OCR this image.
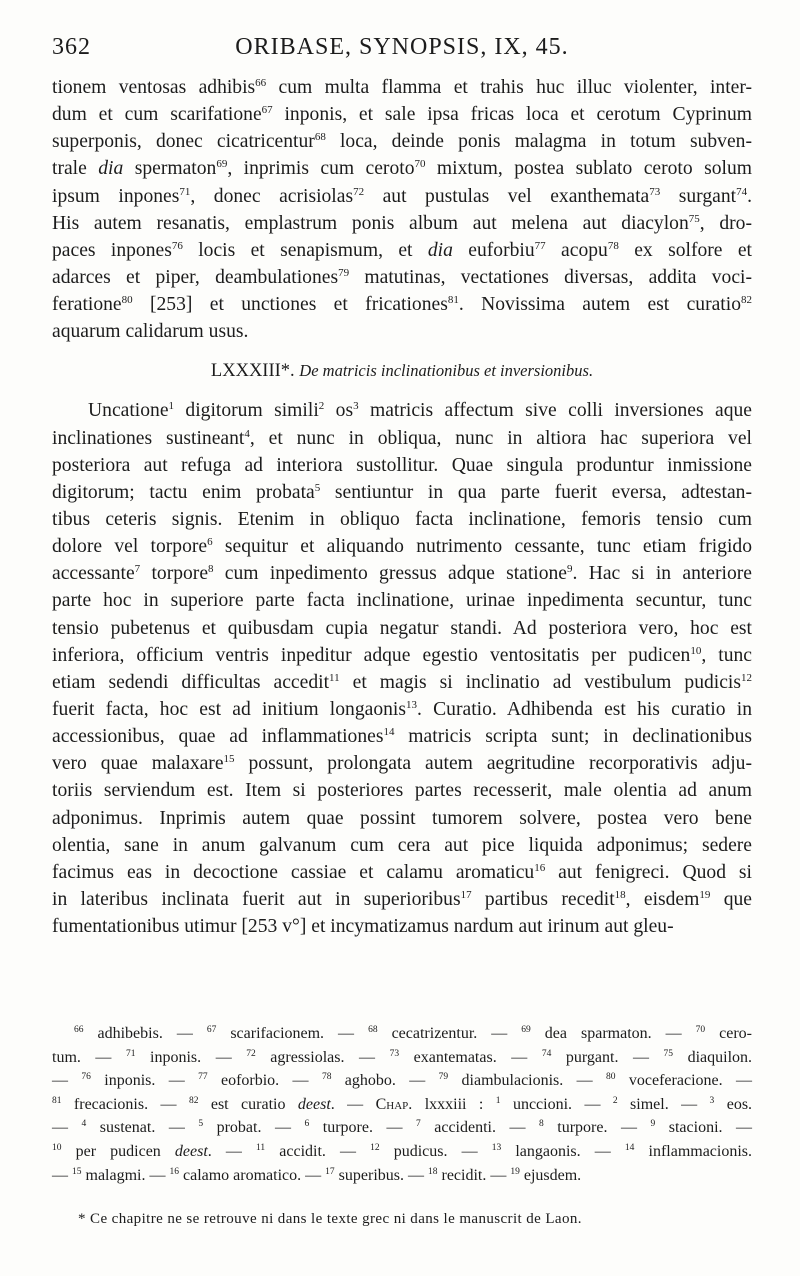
362	ORIBASE, SYNOPSIS, IX, 45.
tionem ventosas adhibis$^{66}$ cum multa flamma et trahis huc illuc violenter, inter-
dum et cum scarifatione$^{67}$ inponis, et sale ipsa fricas loca et cerotum Cyprinum
superponis, donec cicatricentur$^{68}$ loca, deinde ponis malagma in totum subven-
trale dia spermaton$^{69}$, inprimis cum ceroto$^{70}$ mixtum, postea sublato ceroto solum
ipsum inpones$^{71}$, donec acrisiolas$^{72}$ aut pustulas vel exanthemata$^{73}$ surgant$^{74}$.
His autem resanatis, emplastrum ponis album aut melena aut diacylon$^{75}$, dro-
paces inpones$^{76}$ locis et senapismum, et dia euforbiu$^{77}$ acopu$^{78}$ ex solfore et
adarces et piper, deambulationes$^{79}$ matutinas, vectationes diversas, addita voci-
feratione$^{80}$ [253] et unctiones et fricationes$^{81}$. Novissima autem est curatio$^{82}$
aquarum calidarum usus.
LXXXIII*. De matricis inclinationibus et inversionibus.
Uncatione$^1$ digitorum simili$^2$ $os^3$ matricis affectum sive colli inversiones aque
inclinationes sustineant$^4$, et nunc in obliqua, nunc in altiora hac superiora vel
posteriora aut refuga ad interiora sustollitur. Quae singula produntur inmissione
digitorum; tactu enim probata$^5$ sentiuntur in qua parte fuerit eversa, adtestan-
tibus ceteris signis. Etenim in obliquo facta inclinatione, femoris tensio cum
dolore vel torpore$^6$ sequitur et aliquando nutrimento cessante, tunc etiam frigido
accessante$^7$ torpore$^8$ cum inpedimento gressus adque statione$^9$. Hac si in anteriore
parte hoc in superiore parte facta inclinatione, urinae inpedimenta secuntur, tunc
tensio pubetenus et quibusdam cupia negatur standi. Ad posteriora vero, hoc est
inferiora, officium ventris inpeditur adque egestio ventositatis per pudicen$^{10}$, tunc
etiam sedendi difficultas accedit$^{11}$ et magis si inclinatio ad vestibulum pudicis$^{12}$
fuerit facta, hoc est ad initium longaonis$^{13}$. Curatio. Adhibenda est his curatio in
accessionibus, quae ad inflammationes$^{14}$ matricis scripta sunt; in declinationibus
vero quae malaxare$^{15}$ possunt, prolongata autem aegritudine recorporativis adju-
toriis serviendum est. Item si posteriores partes recesserit, male olentia ad anum
adponimus. Inprimis autem quae possint tumorem solvere, postea vero bene
olentia, sane in anum galvanum cum cera aut pice liquida adponimus; sedere
facimus eas in decoctione cassiae et calamu aromaticu$^{16}$ aut fenigreci. Quod si
in lateribus inclinata fuerit aut in superioribus$^{17}$ partibus recedit$^{18}$, eisdem$^{19}$ que
fumentationibus utimur [253 v°] et incymatizamus nardum aut irinum aut gleu-
$^{66}$ adhibebis. — $^{67}$ scarifacionem. — $^{68}$ cecatrizentur. — $^{69}$ dea sparmaton. — $^{70}$ cero-
tum. — $^{71}$ inponis. — $^{72}$ agressiolas. — $^{73}$ exantematas. — $^{74}$ purgant. — $^{75}$ diaquilon.
— $^{76}$ inponis. — $^{77}$ eoforbio. — $^{78}$ aghobo. — $^{79}$ diambulacionis. — $^{80}$ voceferacione. —
$^{81}$ frecacionis. — $^{82}$ est curatio deest. — Chap. lxxxiii : $^1$ unccioni. — $^2$ simel. — $^3$ eos.
— $^4$ sustenat. — $^5$ probat. — $^6$ turpore. — $^7$ accidenti. — $^8$ turpore. — $^9$ stacioni. —
$^{10}$ per pudicen deest. — $^{11}$ accidit. — $^{12}$ pudicus. — $^{13}$ langaonis. — $^{14}$ inflammacionis.
— $^{15}$ malagmi. — $^{16}$ calamo aromatico. — $^{17}$ superibus. — $^{18}$ recidit. — $^{19}$ ejusdem.
* Ce chapitre ne se retrouve ni dans le texte grec ni dans le manuscrit de Laon.
